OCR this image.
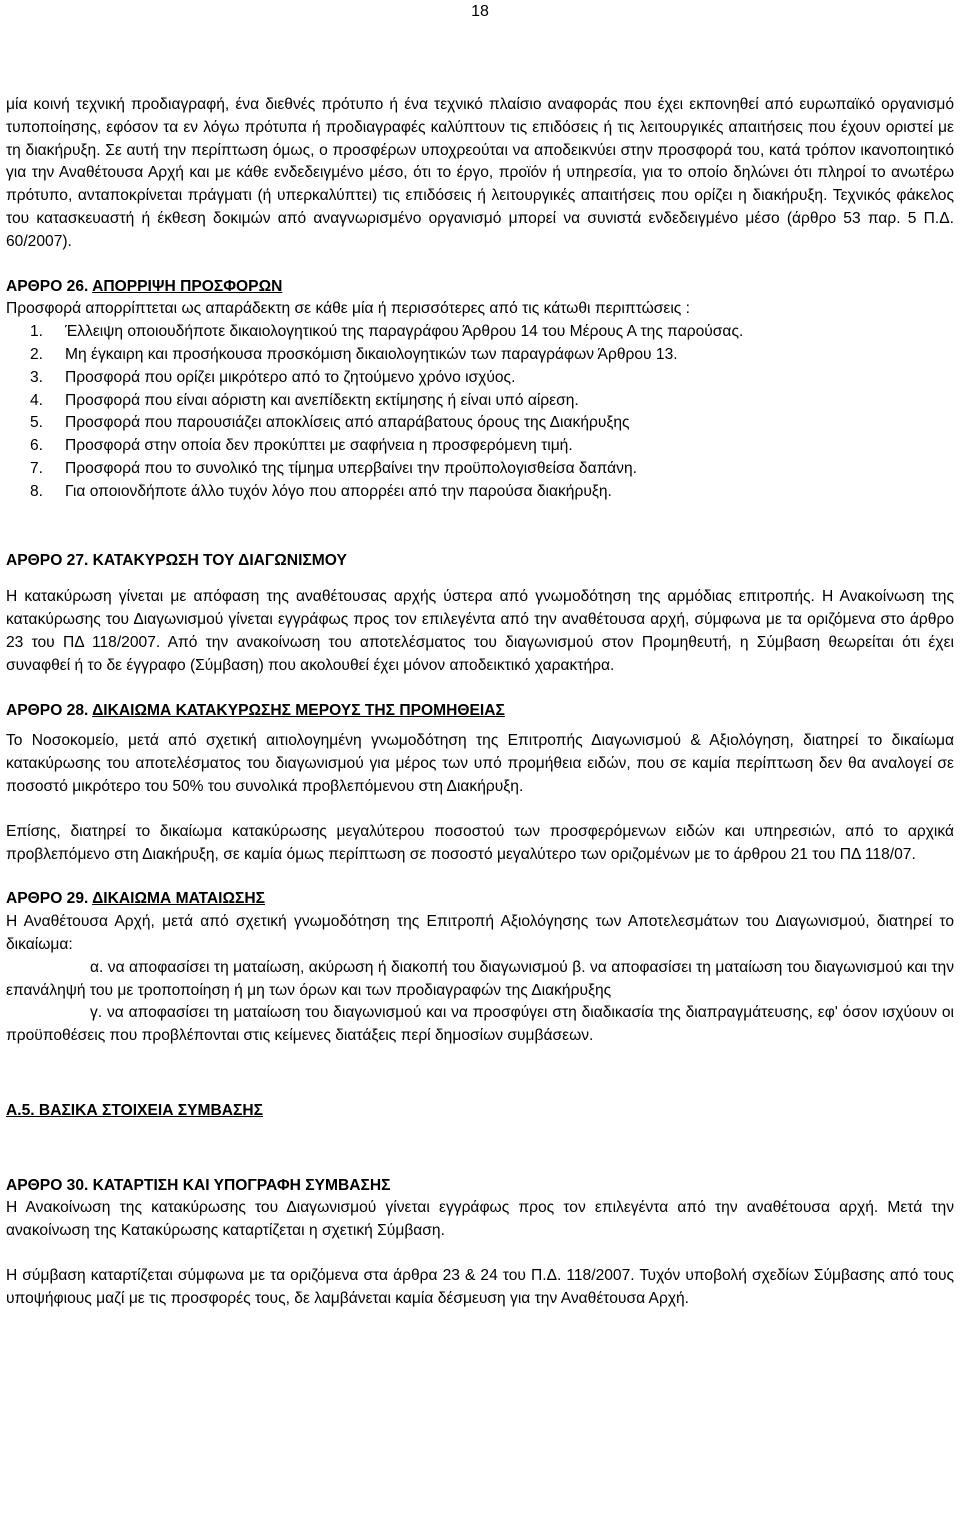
18

μία κοινή τεχνική προδιαγραφή, ένα διεθνές πρότυπο ή ένα τεχνικό πλαίσιο αναφοράς που έχει εκπονηθεί από ευρωπαϊκό οργανισμό τυποποίησης, εφόσον τα εν λόγω πρότυπα ή προδιαγραφές καλύπτουν τις επιδόσεις ή τις λειτουργικές απαιτήσεις που έχουν οριστεί με τη διακήρυξη. Σε αυτή την περίπτωση όμως, ο προσφέρων υποχρεούται να αποδεικνύει στην προσφορά του, κατά τρόπον ικανοποιητικό για την Αναθέτουσα Αρχή και με κάθε ενδεδειγμένο μέσο, ότι το έργο, προϊόν ή υπηρεσία, για το οποίο δηλώνει ότι πληροί το ανωτέρω πρότυπο, ανταποκρίνεται πράγματι (ή υπερκαλύπτει) τις επιδόσεις ή λειτουργικές απαιτήσεις που ορίζει η διακήρυξη. Τεχνικός φάκελος του κατασκευαστή ή έκθεση δοκιμών από αναγνωρισμένο οργανισμό μπορεί να συνιστά ενδεδειγμένο μέσο (άρθρο 53 παρ. 5 Π.Δ. 60/2007).

ΑΡΘΡΟ 26. ΑΠΟΡΡΙΨΗ ΠΡΟΣΦΟΡΩΝ

Προσφορά απορρίπτεται ως απαράδεκτη σε κάθε μία ή περισσότερες από τις κάτωθι περιπτώσεις :

1.	Έλλειψη οποιουδήποτε δικαιολογητικού της παραγράφου Άρθρου 14 του Μέρους Α της παρούσας.
2.	Μη έγκαιρη και προσήκουσα προσκόμιση δικαιολογητικών των παραγράφων Άρθρου 13.
3.	Προσφορά που ορίζει μικρότερο από το ζητούμενο χρόνο ισχύος.
4.	Προσφορά που είναι αόριστη και ανεπίδεκτη εκτίμησης ή είναι υπό αίρεση.
5.	Προσφορά που παρουσιάζει αποκλίσεις από απαράβατους όρους της Διακήρυξης
6.	Προσφορά στην οποία δεν προκύπτει με σαφήνεια η προσφερόμενη τιμή.
7.	Προσφορά που το συνολικό της τίμημα υπερβαίνει την προϋπολογισθείσα δαπάνη.
8.	Για οποιονδήποτε άλλο τυχόν λόγο που απορρέει από την παρούσα διακήρυξη.

ΑΡΘΡΟ 27. ΚΑΤΑΚΥΡΩΣΗ ΤΟΥ ΔΙΑΓΩΝΙΣΜΟΥ

Η κατακύρωση γίνεται με απόφαση της αναθέτουσας αρχής ύστερα από γνωμοδότηση της αρμόδιας επιτροπής. Η Ανακοίνωση της κατακύρωσης του Διαγωνισμού γίνεται εγγράφως προς τον επιλεγέντα από την αναθέτουσα αρχή, σύμφωνα με τα οριζόμενα στο άρθρο 23 του ΠΔ 118/2007. Από την ανακοίνωση του αποτελέσματος του διαγωνισμού στον Προμηθευτή, η Σύμβαση θεωρείται ότι έχει συναφθεί ή το δε έγγραφο (Σύμβαση) που ακολουθεί έχει μόνον αποδεικτικό χαρακτήρα.

ΑΡΘΡΟ 28. ΔΙΚΑΙΩΜΑ ΚΑΤΑΚΥΡΩΣΗΣ ΜΕΡΟΥΣ ΤΗΣ ΠΡΟΜΗΘΕΙΑΣ

Το Νοσοκομείο, μετά από σχετική αιτιολογημένη γνωμοδότηση της Επιτροπής Διαγωνισμού & Αξιολόγηση, διατηρεί το δικαίωμα κατακύρωσης του αποτελέσματος του διαγωνισμού για μέρος των υπό προμήθεια ειδών, που σε καμία περίπτωση δεν θα αναλογεί σε ποσοστό μικρότερο του 50% του συνολικά προβλεπόμενου στη Διακήρυξη.

Επίσης, διατηρεί το δικαίωμα κατακύρωσης μεγαλύτερου ποσοστού των προσφερόμενων ειδών και υπηρεσιών, από το αρχικά προβλεπόμενο στη Διακήρυξη, σε καμία όμως περίπτωση σε ποσοστό μεγαλύτερο των οριζομένων με το άρθρου 21 του ΠΔ 118/07.

ΑΡΘΡΟ 29. ΔΙΚΑΙΩΜΑ ΜΑΤΑΙΩΣΗΣ

Η Αναθέτουσα Αρχή, μετά από σχετική γνωμοδότηση της Επιτροπή Αξιολόγησης των Αποτελεσμάτων του Διαγωνισμού, διατηρεί το δικαίωμα:

α. να αποφασίσει τη ματαίωση, ακύρωση ή διακοπή του διαγωνισμού β. να αποφασίσει τη ματαίωση του διαγωνισμού και την επανάληψή του με τροποποίηση ή μη των όρων και των προδιαγραφών της Διακήρυξης

γ. να αποφασίσει τη ματαίωση του διαγωνισμού και να προσφύγει στη διαδικασία της διαπραγμάτευσης, εφ' όσον ισχύουν οι προϋποθέσεις που προβλέπονται στις κείμενες διατάξεις περί δημοσίων συμβάσεων.

Α.5. ΒΑΣΙΚΑ ΣΤΟΙΧΕΙΑ ΣΥΜΒΑΣΗΣ

ΑΡΘΡΟ 30. ΚΑΤΑΡΤΙΣΗ ΚΑΙ ΥΠΟΓΡΑΦΗ ΣΥΜΒΑΣΗΣ

Η Ανακοίνωση της κατακύρωσης του Διαγωνισμού γίνεται εγγράφως προς τον επιλεγέντα από την αναθέτουσα αρχή. Μετά την ανακοίνωση της Κατακύρωσης καταρτίζεται η σχετική Σύμβαση.

Η σύμβαση καταρτίζεται σύμφωνα με τα οριζόμενα στα άρθρα 23 & 24 του Π.Δ. 118/2007. Τυχόν υποβολή σχεδίων Σύμβασης από τους υποψήφιους μαζί με τις προσφορές τους, δε λαμβάνεται καμία δέσμευση για την Αναθέτουσα Αρχή.
